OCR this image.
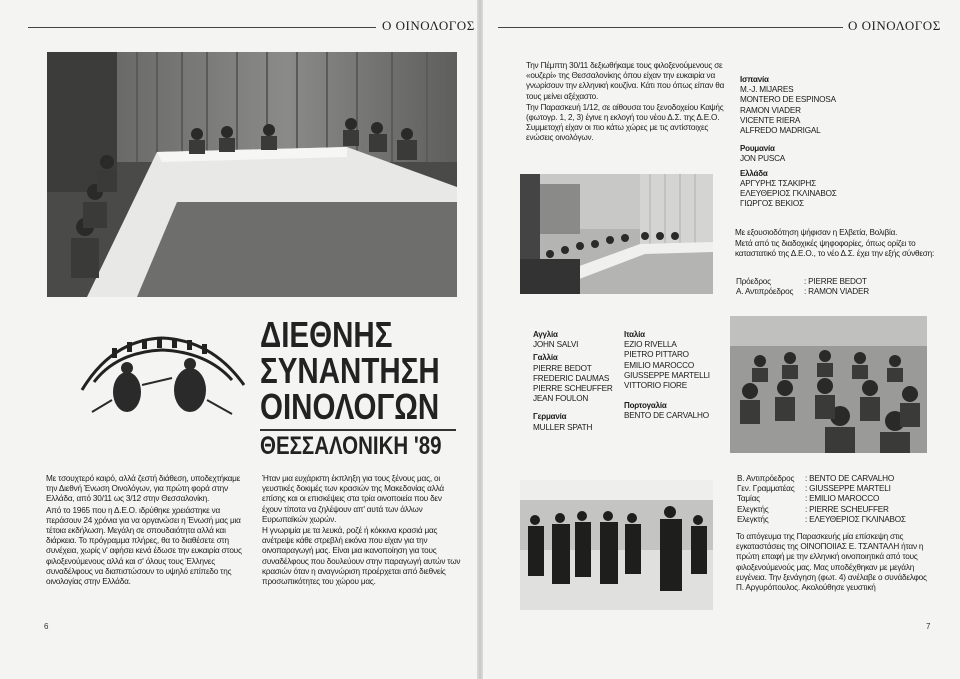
Ο ΟΙΝΟΛΟΓΟΣ	Ο ΟΙΝΟΛΟΓΟΣ
ΔΙΕΘΝΗΣ
ΣΥΝΑΝΤΗΣΗ
ΟΙΝΟΛΟΓΩΝ
ΘΕΣΣΑΛΟΝΙΚΗ '89

Με τσουχτερό καιρό, αλλά ζεστή διάθεση, υποδεχτήκαμε την Διεθνή Ένωση Οινολόγων, για πρώτη φορά στην Ελλάδα, από 30/11 ως 3/12 στην Θεσσαλονίκη.

Από το 1965 που η Δ.Ε.Ο. ιδρύθηκε χρειάστηκε να περάσουν 24 χρόνια για να οργανώσει η Ένωσή μας μια τέτοια εκδήλωση. Μεγάλη σε σπουδαιότητα αλλά και διάρκεια. Το πρόγραμμα πλήρες, θα το διαθέσετε στη συνέχεια, χωρίς ν' αφήσει κενά έδωσε την ευκαιρία στους φιλοξενούμενους αλλά και σ' όλους τους Έλληνες συναδέλφους να διαπιστώσουν το υψηλό επίπεδο της οινολογίας στην Ελλάδα.

Ήταν μια ευχάριστη έκπληξη για τους ξένους μας, οι γευστικές δοκιμές των κρασιών της Μακεδονίας αλλά επίσης και οι επισκέψεις στα τρία οινοποιεία που δεν έχουν τίποτα να ζηλέψουν απ' αυτά των άλλων Ευρωπαϊκών χωρών.

Η γνωριμία με τα λευκά, ροζέ ή κόκκινα κρασιά μας ανέτρεψε κάθε στρεβλή εικόνα που είχαν για την οινοπαραγωγή μας. Είναι μια ικανοποίηση για τους συναδέλφους που δουλεύουν στην παραγωγή αυτών των κρασιών όταν η αναγνώριση προέρχεται από διεθνείς προσωπικότητες του χώρου μας.

6

Την Πέμπτη 30/11 δεξιωθήκαμε τους φιλοξενούμενους σε «ουζερί» της Θεσσαλονίκης όπου είχαν την ευκαιρία να γνωρίσουν την ελληνική κουζίνα. Κάτι που όπως είπαν θα τους μείνει αξέχαστο.

Την Παρασκευή 1/12, σε αίθουσα του ξενοδοχείου Καψής (φωτογρ. 1, 2, 3) έγινε η εκλογή του νέου Δ.Σ. της Δ.Ε.Ο. Συμμετοχή είχαν οι πιο κάτω χώρες με τις αντίστοιχες ενώσεις οινολόγων.

Ισπανία
M.-J. MIJARES
MONTERO DE ESPINOSA
RAMON VIADER
VICENTE RIERA
ALFREDO MADRIGAL
Ρουμανία
JON PUSCA
Ελλάδα
ΑΡΓΥΡΗΣ ΤΣΑΚΙΡΗΣ
ΕΛΕΥΘΕΡΙΟΣ ΓΚΛΙΝΑΒΟΣ
ΓΙΩΡΓΟΣ ΒΕΚΙΟΣ

Με εξουσιοδότηση ψήφισαν η Ελβετία, Βολιβία.

Μετά από τις διαδοχικές ψηφοφορίες, όπως ορίζει το καταστατικό της Δ.Ε.Ο., το νέο Δ.Σ. έχει την εξής σύνθεση:

Πρόεδρος	: PIERRE BEDOT
Α. Αντιπρόεδρος	: RAMON VIADER
Αγγλία
JOHN SALVI
Γαλλία
PIERRE BEDOT
FREDERIC DAUMAS
PIERRE SCHEUFFER
JEAN FOULON
Γερμανία
MULLER SPATH
Ιταλία
EZIO RIVELLA
PIETRO PITTARO
EMILIO MAROCCO
GIUSSEPPE MARTELLI
VITTORIO FIORE
Πορτογαλία
BENTO DE CARVALHO
Β. Αντιπρόεδρος	: BENTO DE CARVALHO
Γεν. Γραμματέας	: GIUSSEPPE MARTELI
Ταμίας	: EMILIO MAROCCO
Ελεγκτής	: PIERRE SCHEUFFER
Ελεγκτής	: ΕΛΕΥΘΕΡΙΟΣ ΓΚΛΙΝΑΒΟΣ

Το απόγευμα της Παρασκευής μία επίσκεψη στις εγκαταστάσεις της ΟΙΝΟΠΟΙΙΑΣ Ε. ΤΣΑΝΤΑΛΗ ήταν η πρώτη επαφή με την ελληνική οινοποιητικά από τους φιλοξενούμενούς μας. Μας υποδέχθηκαν με μεγάλη ευγένεια. Την ξενάγηση (φωτ. 4) ανέλαβε ο συνάδελφος Π. Αργυρόπουλος. Ακολούθησε γευστική

7
